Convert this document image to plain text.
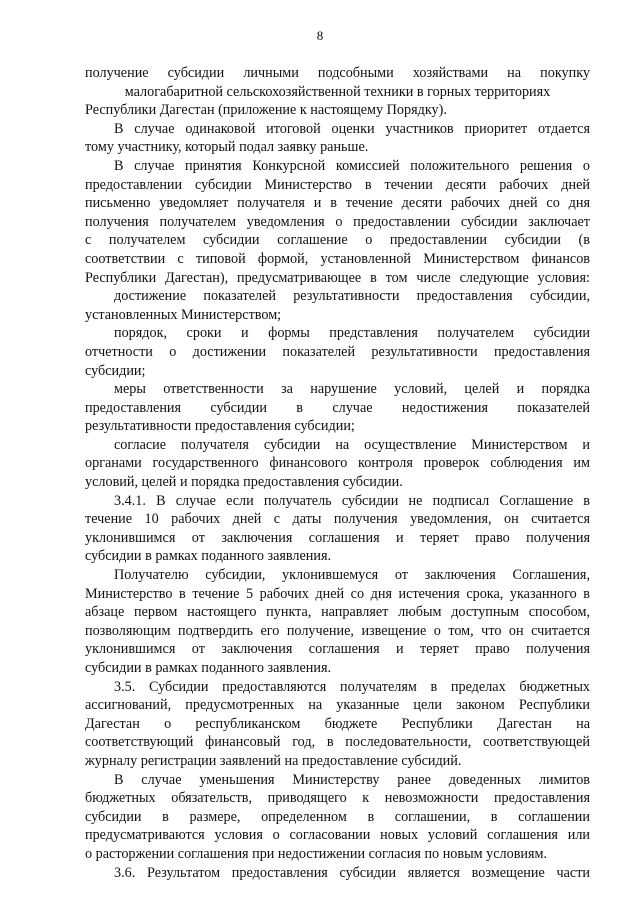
8

получение субсидии личными подсобными хозяйствами на покупку

малогабаритной сельскохозяйственной техники в горных территориях

Республики Дагестан (приложение к настоящему Порядку).

В случае одинаковой итоговой оценки участников приоритет отдается

тому участнику, который подал заявку раньше.

В случае принятия Конкурсной комиссией положительного решения о

предоставлении субсидии Министерство в течении десяти рабочих дней

письменно уведомляет получателя и в течение десяти рабочих дней со дня

получения получателем уведомления о предоставлении субсидии заключает

с получателем субсидии соглашение о предоставлении субсидии (в

соответствии с типовой формой, установленной Министерством финансов

Республики Дагестан), предусматривающее в том числе следующие условия:

достижение показателей результативности предоставления субсидии,

установленных Министерством;

порядок, сроки и формы представления получателем субсидии

отчетности о достижении показателей результативности предоставления

субсидии;

меры ответственности за нарушение условий, целей и порядка

предоставления субсидии в случае недостижения показателей

результативности предоставления субсидии;

согласие получателя субсидии на осуществление Министерством и

органами государственного финансового контроля проверок соблюдения им

условий, целей и порядка предоставления субсидии.

3.4.1. В случае если получатель субсидии не подписал Соглашение в

течение 10 рабочих дней с даты получения уведомления, он считается

уклонившимся от заключения соглашения и теряет право получения

субсидии в рамках поданного заявления.

Получателю субсидии, уклонившемуся от заключения Соглашения,

Министерство в течение 5 рабочих дней со дня истечения срока, указанного в

абзаце первом настоящего пункта, направляет любым доступным способом,

позволяющим подтвердить его получение, извещение о том, что он считается

уклонившимся от заключения соглашения и теряет право получения

субсидии в рамках поданного заявления.

3.5. Субсидии предоставляются получателям в пределах бюджетных

ассигнований, предусмотренных на указанные цели законом Республики

Дагестан о республиканском бюджете Республики Дагестан на

соответствующий финансовый год, в последовательности, соответствующей

журналу регистрации заявлений на предоставление субсидий.

В случае уменьшения Министерству ранее доведенных лимитов

бюджетных обязательств, приводящего к невозможности предоставления

субсидии в размере, определенном в соглашении, в соглашении

предусматриваются условия о согласовании новых условий соглашения или

о расторжении соглашения при недостижении согласия по новым условиям.

3.6. Результатом предоставления субсидии является возмещение части
